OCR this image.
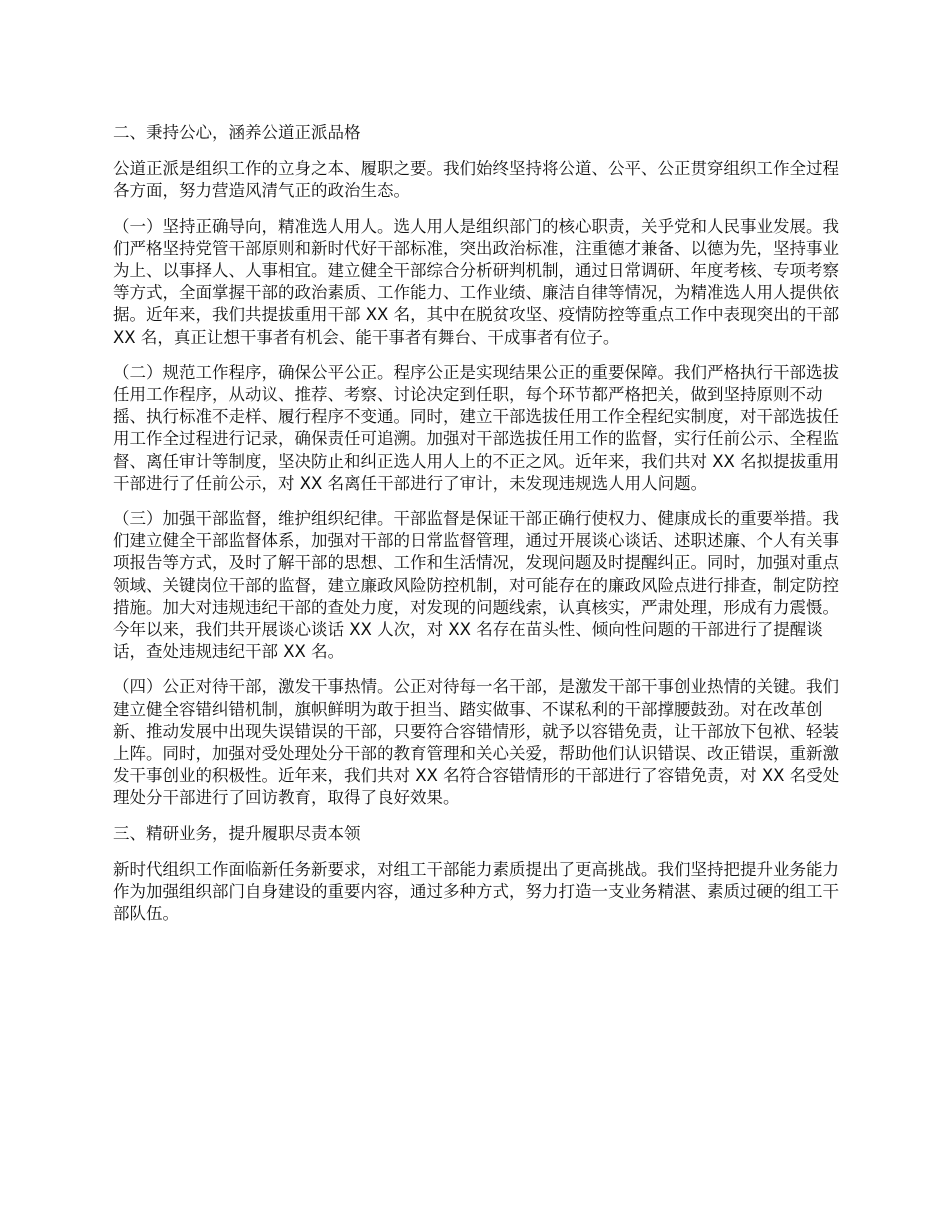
二、秉持公心，涵养公道正派品格

公道正派是组织工作的立身之本、履职之要。我们始终坚持将公道、公平、公正贯穿组织工作全过程各方面，努力营造风清气正的政治生态。

（一）坚持正确导向，精准选人用人。选人用人是组织部门的核心职责，关乎党和人民事业发展。我们严格坚持党管干部原则和新时代好干部标准，突出政治标准，注重德才兼备、以德为先，坚持事业为上、以事择人、人事相宜。建立健全干部综合分析研判机制，通过日常调研、年度考核、专项考察等方式，全面掌握干部的政治素质、工作能力、工作业绩、廉洁自律等情况，为精准选人用人提供依据。近年来，我们共提拔重用干部 XX 名，其中在脱贫攻坚、疫情防控等重点工作中表现突出的干部 XX 名，真正让想干事者有机会、能干事者有舞台、干成事者有位子。

（二）规范工作程序，确保公平公正。程序公正是实现结果公正的重要保障。我们严格执行干部选拔任用工作程序，从动议、推荐、考察、讨论决定到任职，每个环节都严格把关，做到坚持原则不动摇、执行标准不走样、履行程序不变通。同时，建立干部选拔任用工作全程纪实制度，对干部选拔任用工作全过程进行记录，确保责任可追溯。加强对干部选拔任用工作的监督，实行任前公示、全程监督、离任审计等制度，坚决防止和纠正选人用人上的不正之风。近年来，我们共对 XX 名拟提拔重用干部进行了任前公示，对 XX 名离任干部进行了审计，未发现违规选人用人问题。

（三）加强干部监督，维护组织纪律。干部监督是保证干部正确行使权力、健康成长的重要举措。我们建立健全干部监督体系，加强对干部的日常监督管理，通过开展谈心谈话、述职述廉、个人有关事项报告等方式，及时了解干部的思想、工作和生活情况，发现问题及时提醒纠正。同时，加强对重点领域、关键岗位干部的监督，建立廉政风险防控机制，对可能存在的廉政风险点进行排查，制定防控措施。加大对违规违纪干部的查处力度，对发现的问题线索，认真核实，严肃处理，形成有力震慑。今年以来，我们共开展谈心谈话 XX 人次，对 XX 名存在苗头性、倾向性问题的干部进行了提醒谈话，查处违规违纪干部 XX 名。

（四）公正对待干部，激发干事热情。公正对待每一名干部，是激发干部干事创业热情的关键。我们建立健全容错纠错机制，旗帜鲜明为敢于担当、踏实做事、不谋私利的干部撑腰鼓劲。对在改革创新、推动发展中出现失误错误的干部，只要符合容错情形，就予以容错免责，让干部放下包袱、轻装上阵。同时，加强对受处理处分干部的教育管理和关心关爱，帮助他们认识错误、改正错误，重新激发干事创业的积极性。近年来，我们共对 XX 名符合容错情形的干部进行了容错免责，对 XX 名受处理处分干部进行了回访教育，取得了良好效果。

三、精研业务，提升履职尽责本领

新时代组织工作面临新任务新要求，对组工干部能力素质提出了更高挑战。我们坚持把提升业务能力作为加强组织部门自身建设的重要内容，通过多种方式，努力打造一支业务精湛、素质过硬的组工干部队伍。
